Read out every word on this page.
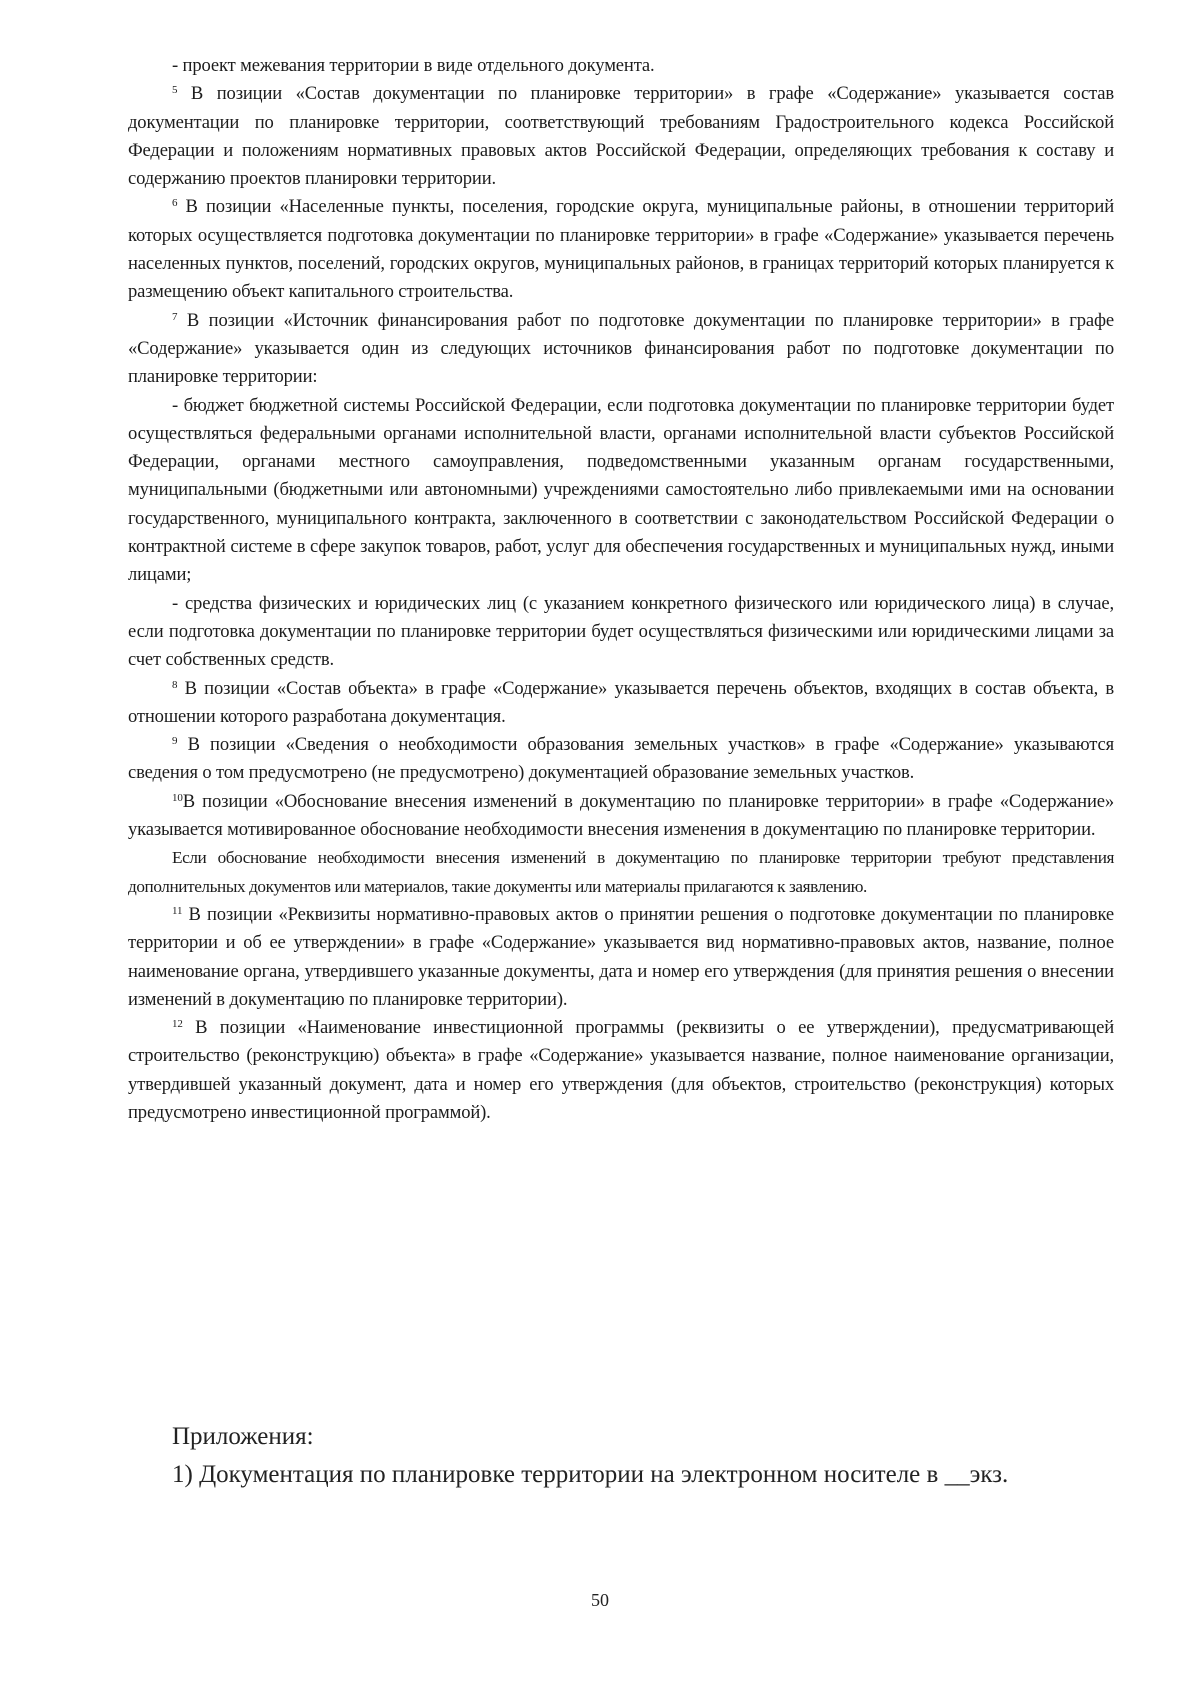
- проект межевания территории в виде отдельного документа.

$^5$ В позиции «Состав документации по планировке территории» в графе «Содержание» указывается состав документации по планировке территории, соответствующий требованиям Градостроительного кодекса Российской Федерации и положениям нормативных правовых актов Российской Федерации, определяющих требования к составу и содержанию проектов планировки территории.

$^6$ В позиции «Населенные пункты, поселения, городские округа, муниципальные районы, в отношении территорий которых осуществляется подготовка документации по планировке территории» в графе «Содержание» указывается перечень населенных пунктов, поселений, городских округов, муниципальных районов, в границах территорий которых планируется к размещению объект капитального строительства.

$^7$ В позиции «Источник финансирования работ по подготовке документации по планировке территории» в графе «Содержание» указывается один из следующих источников финансирования работ по подготовке документации по планировке территории:

- бюджет бюджетной системы Российской Федерации, если подготовка документации по планировке территории будет осуществляться федеральными органами исполнительной власти, органами исполнительной власти субъектов Российской Федерации, органами местного самоуправления, подведомственными указанным органам государственными, муниципальными (бюджетными или автономными) учреждениями самостоятельно либо привлекаемыми ими на основании государственного, муниципального контракта, заключенного в соответствии с законодательством Российской Федерации о контрактной системе в сфере закупок товаров, работ, услуг для обеспечения государственных и муниципальных нужд, иными лицами;

- средства физических и юридических лиц (с указанием конкретного физического или юридического лица) в случае, если подготовка документации по планировке территории будет осуществляться физическими или юридическими лицами за счет собственных средств.

$^8$ В позиции «Состав объекта» в графе «Содержание» указывается перечень объектов, входящих в состав объекта, в отношении которого разработана документация.

$^9$ В позиции «Сведения о необходимости образования земельных участков» в графе «Содержание» указываются сведения о том предусмотрено (не предусмотрено) документацией образование земельных участков.

$^{10}$В позиции «Обоснование внесения изменений в документацию по планировке территории» в графе «Содержание» указывается мотивированное обоснование необходимости внесения изменения в документацию по планировке территории.

Если обоснование необходимости внесения изменений в документацию по планировке территории требуют представления дополнительных документов или материалов, такие документы или материалы прилагаются к заявлению.

$^{11}$ В позиции «Реквизиты нормативно-правовых актов о принятии решения о подготовке документации по планировке территории и об ее утверждении» в графе «Содержание» указывается вид нормативно-правовых актов, название, полное наименование органа, утвердившего указанные документы, дата и номер его утверждения (для принятия решения о внесении изменений в документацию по планировке территории).

$^{12}$ В позиции «Наименование инвестиционной программы (реквизиты о ее утверждении), предусматривающей строительство (реконструкцию) объекта» в графе «Содержание» указывается название, полное наименование организации, утвердившей указанный документ, дата и номер его утверждения (для объектов, строительство (реконструкция) которых предусмотрено инвестиционной программой).

Приложения:

1) Документация по планировке территории на электронном носителе в __экз.

50
